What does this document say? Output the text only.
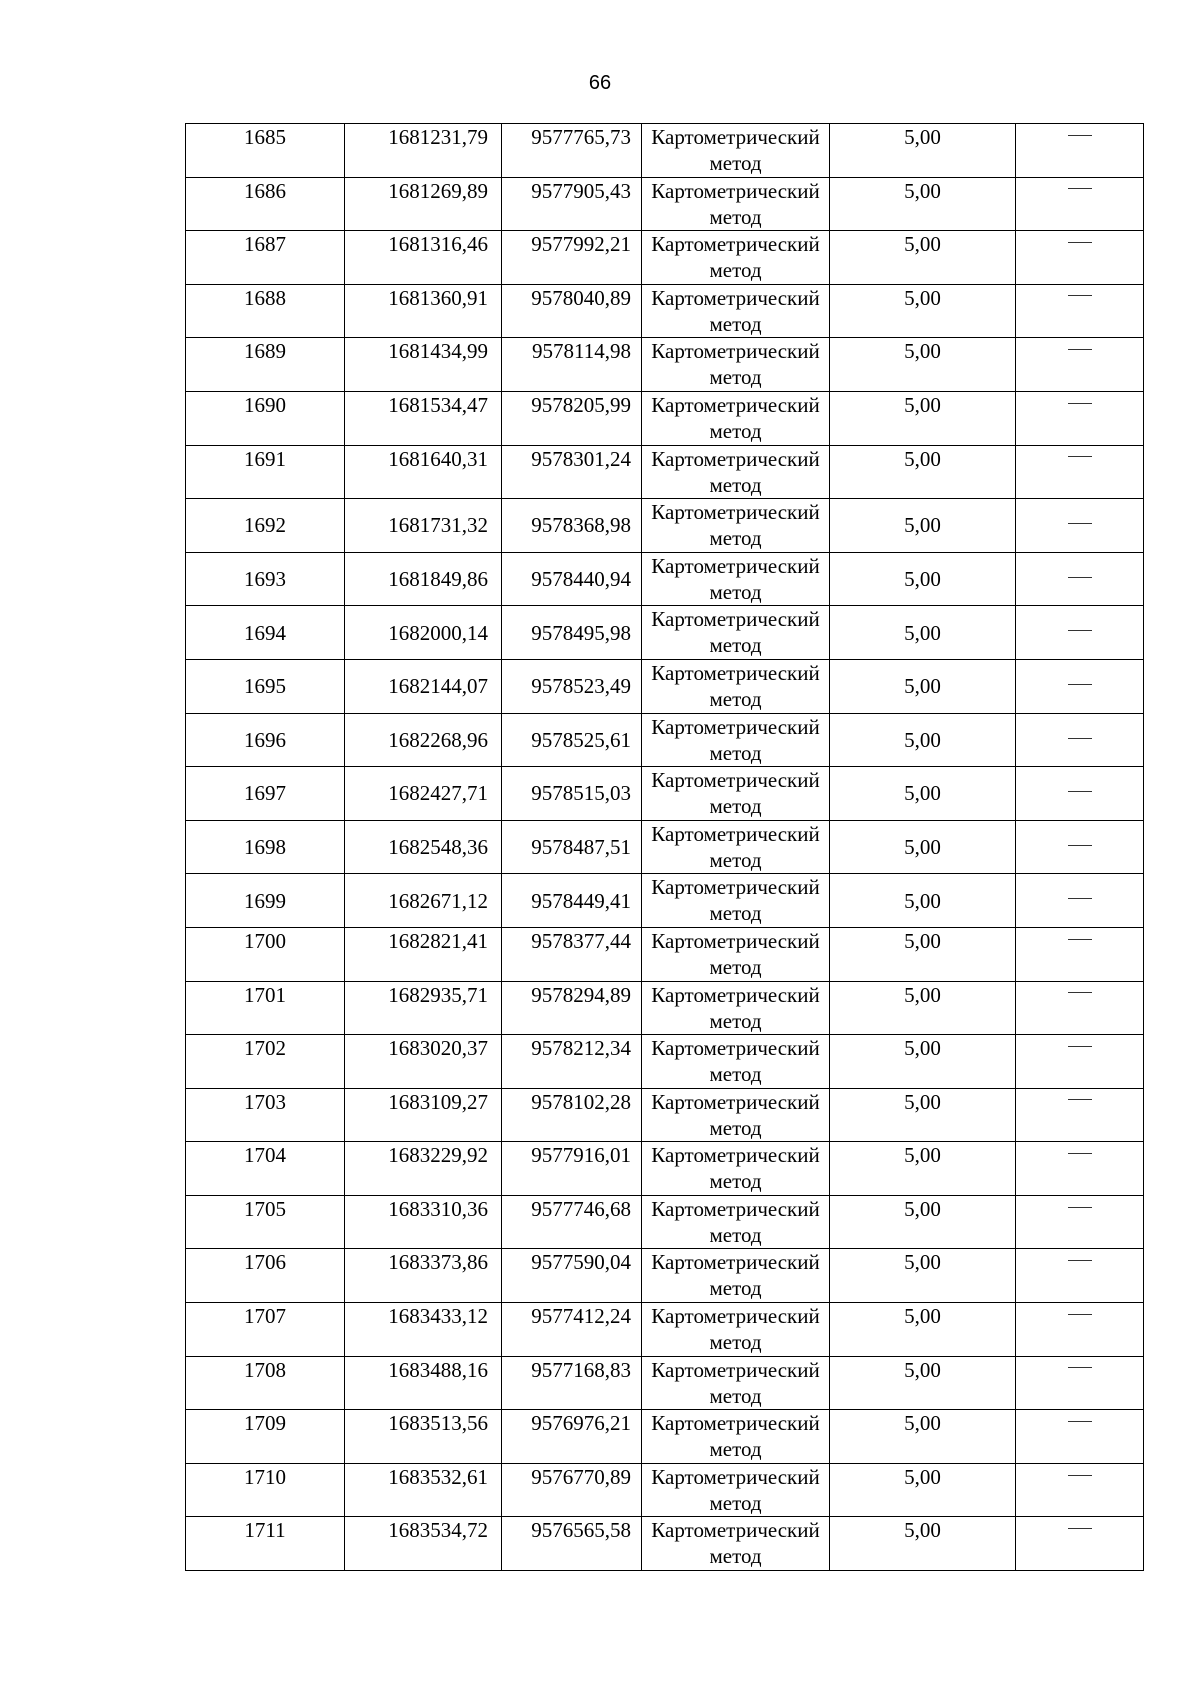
66
1685	1681231,79	9577765,73	Картометрический метод	5,00	
1686	1681269,89	9577905,43	Картометрический метод	5,00	
1687	1681316,46	9577992,21	Картометрический метод	5,00	
1688	1681360,91	9578040,89	Картометрический метод	5,00	
1689	1681434,99	9578114,98	Картометрический метод	5,00	
1690	1681534,47	9578205,99	Картометрический метод	5,00	
1691	1681640,31	9578301,24	Картометрический метод	5,00	
1692	1681731,32	9578368,98	Картометрический метод	5,00	
1693	1681849,86	9578440,94	Картометрический метод	5,00	
1694	1682000,14	9578495,98	Картометрический метод	5,00	
1695	1682144,07	9578523,49	Картометрический метод	5,00	
1696	1682268,96	9578525,61	Картометрический метод	5,00	
1697	1682427,71	9578515,03	Картометрический метод	5,00	
1698	1682548,36	9578487,51	Картометрический метод	5,00	
1699	1682671,12	9578449,41	Картометрический метод	5,00	
1700	1682821,41	9578377,44	Картометрический метод	5,00	
1701	1682935,71	9578294,89	Картометрический метод	5,00	
1702	1683020,37	9578212,34	Картометрический метод	5,00	
1703	1683109,27	9578102,28	Картометрический метод	5,00	
1704	1683229,92	9577916,01	Картометрический метод	5,00	
1705	1683310,36	9577746,68	Картометрический метод	5,00	
1706	1683373,86	9577590,04	Картометрический метод	5,00	
1707	1683433,12	9577412,24	Картометрический метод	5,00	
1708	1683488,16	9577168,83	Картометрический метод	5,00	
1709	1683513,56	9576976,21	Картометрический метод	5,00	
1710	1683532,61	9576770,89	Картометрический метод	5,00	
1711	1683534,72	9576565,58	Картометрический метод	5,00	
